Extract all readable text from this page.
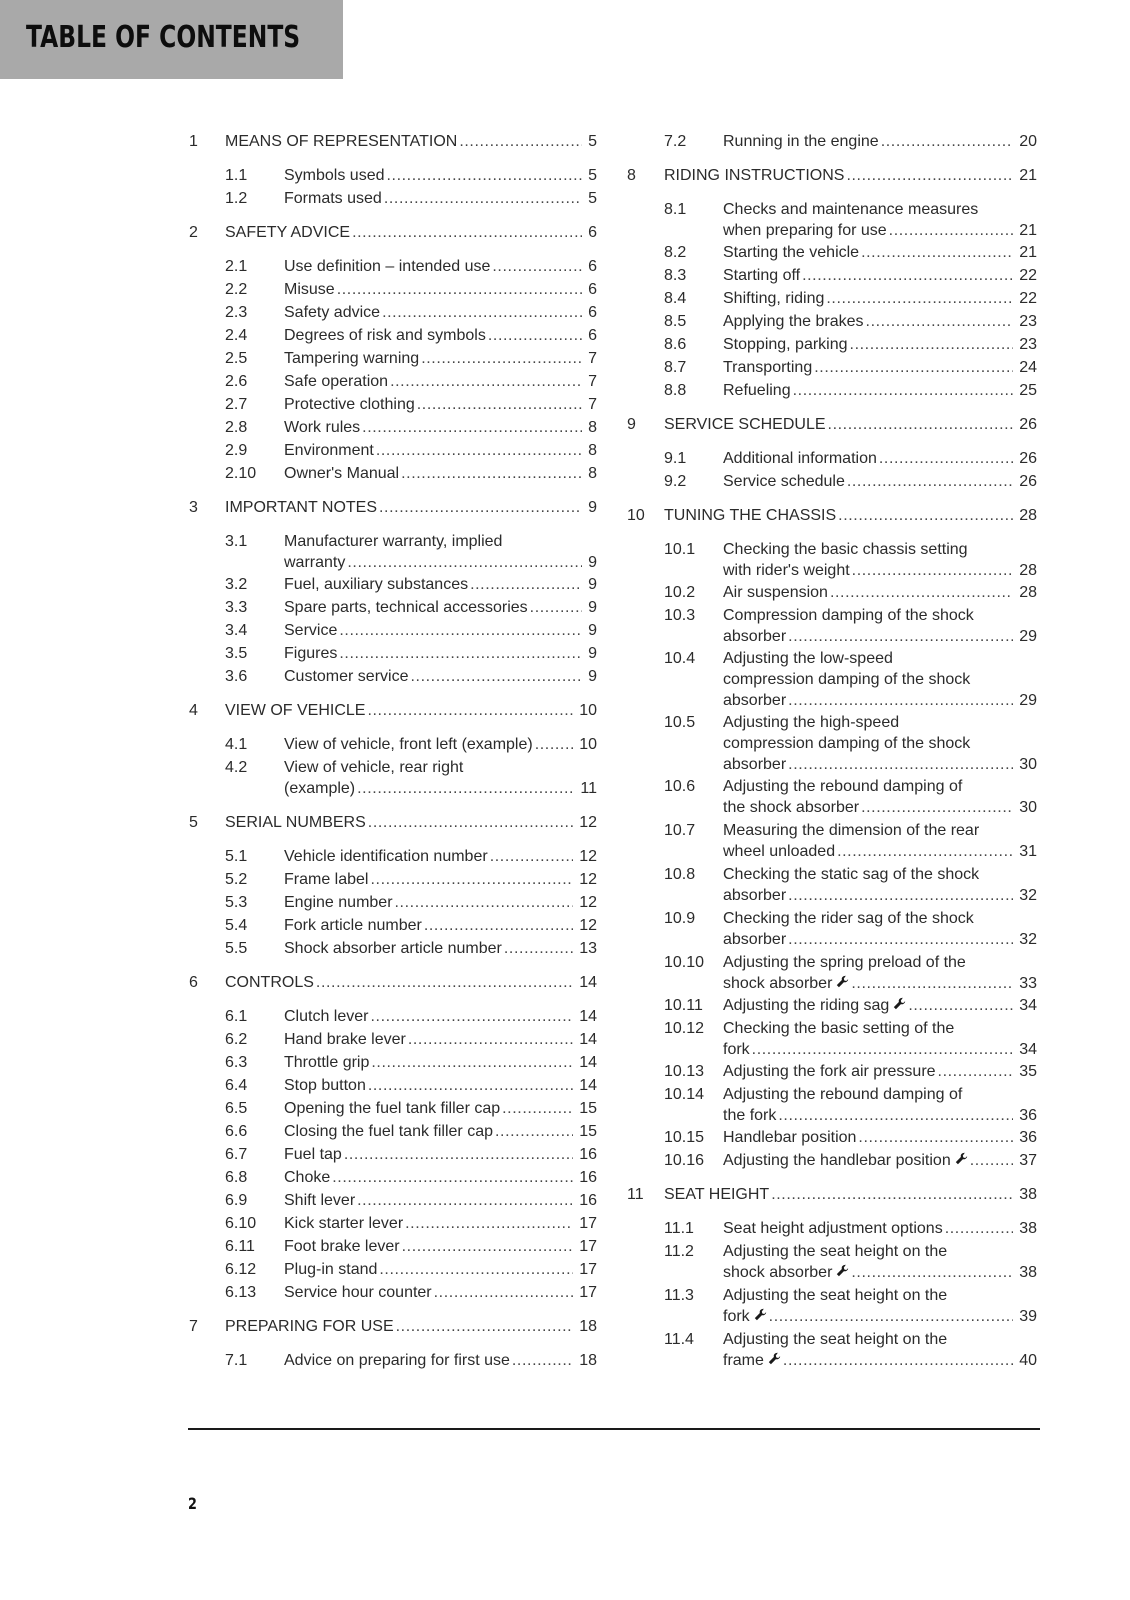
TABLE OF CONTENTS
1 MEANS OF REPRESENTATION .....	5
1.1 Symbols used .....	5
1.2 Formats used .....	5
2 SAFETY ADVICE .....	6
2.1 Use definition – intended use .....	6
2.2 Misuse .....	6
2.3 Safety advice .....	6
2.4 Degrees of risk and symbols .....	6
2.5 Tampering warning .....	7
2.6 Safe operation .....	7
2.7 Protective clothing .....	7
2.8 Work rules .....	8
2.9 Environment .....	8
2.10 Owner's Manual .....	8
3 IMPORTANT NOTES .....	9
3.1 Manufacturer warranty, implied
warranty .....	9
3.2 Fuel, auxiliary substances .....	9
3.3 Spare parts, technical accessories .....	9
3.4 Service .....	9
3.5 Figures .....	9
3.6 Customer service .....	9
4 VIEW OF VEHICLE .....	10
4.1 View of vehicle, front left (example) .....	10
4.2 View of vehicle, rear right
(example) .....	11
5 SERIAL NUMBERS .....	12
5.1 Vehicle identification number .....	12
5.2 Frame label .....	12
5.3 Engine number .....	12
5.4 Fork article number .....	12
5.5 Shock absorber article number .....	13
6 CONTROLS .....	14
6.1 Clutch lever .....	14
6.2 Hand brake lever .....	14
6.3 Throttle grip .....	14
6.4 Stop button .....	14
6.5 Opening the fuel tank filler cap .....	15
6.6 Closing the fuel tank filler cap .....	15
6.7 Fuel tap .....	16
6.8 Choke .....	16
6.9 Shift lever .....	16
6.10 Kick starter lever .....	17
6.11 Foot brake lever .....	17
6.12 Plug-in stand .....	17
6.13 Service hour counter .....	17
7 PREPARING FOR USE .....	18
7.1 Advice on preparing for first use .....	18
7.2 Running in the engine .....	20
8 RIDING INSTRUCTIONS .....	21
8.1 Checks and maintenance measures
when preparing for use .....	21
8.2 Starting the vehicle .....	21
8.3 Starting off .....	22
8.4 Shifting, riding .....	22
8.5 Applying the brakes .....	23
8.6 Stopping, parking .....	23
8.7 Transporting .....	24
8.8 Refueling .....	25
9 SERVICE SCHEDULE .....	26
9.1 Additional information .....	26
9.2 Service schedule .....	26
10 TUNING THE CHASSIS .....	28
10.1 Checking the basic chassis setting
with rider's weight .....	28
10.2 Air suspension .....	28
10.3 Compression damping of the shock
absorber .....	29
10.4 Adjusting the low-speed
compression damping of the shock
absorber .....	29
10.5 Adjusting the high-speed
compression damping of the shock
absorber .....	30
10.6 Adjusting the rebound damping of
the shock absorber .....	30
10.7 Measuring the dimension of the rear
wheel unloaded .....	31
10.8 Checking the static sag of the shock
absorber .....	32
10.9 Checking the rider sag of the shock
absorber .....	32
10.10 Adjusting the spring preload of the
shock absorber .....	33
10.11 Adjusting the riding sag .....	34
10.12 Checking the basic setting of the
fork .....	34
10.13 Adjusting the fork air pressure .....	35
10.14 Adjusting the rebound damping of
the fork .....	36
10.15 Handlebar position .....	36
10.16 Adjusting the handlebar position .....	37
11 SEAT HEIGHT .....	38
11.1 Seat height adjustment options .....	38
11.2 Adjusting the seat height on the
shock absorber .....	38
11.3 Adjusting the seat height on the
fork .....	39
11.4 Adjusting the seat height on the
frame .....	40
2
